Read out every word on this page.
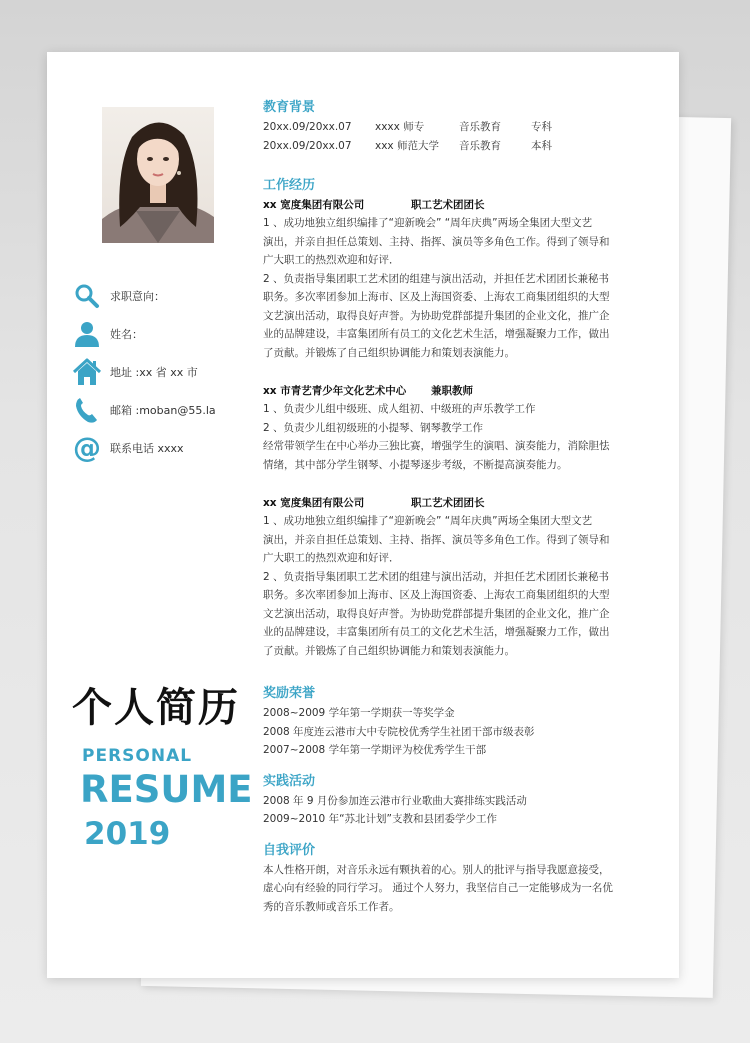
求职意向：
姓名：
地址 :xx 省 xx 市
邮箱 :moban@55.la
@ 联系电话 xxxx
个人简历
PERSONAL
RESUME
2019
教育背景
20xx.09/20xx.07	xxxx 师专	音乐教育	专科
20xx.09/20xx.07	xxx 师范大学	音乐教育	本科
工作经历
xx 宽度集团有限公司	职工艺术团团长
1 、成功地独立组织编排了“迎新晚会” “周年庆典”两场全集团大型文艺
演出，并亲自担任总策划、主持、指挥、演员等多角色工作。得到了领导和
广大职工的热烈欢迎和好评．
2 、负责指导集团职工艺术团的组建与演出活动，并担任艺术团团长兼秘书
职务。多次率团参加上海市、区及上海国资委、上海农工商集团组织的大型
文艺演出活动，取得良好声誉。为协助党群部提升集团的企业文化，推广企
业的品牌建设，丰富集团所有员工的文化艺术生活，增强凝聚力工作，做出
了贡献。并锻炼了自己组织协调能力和策划表演能力。
xx 市青艺青少年文化艺术中心	兼职教师
1 、负责少儿组中级班、成人组初、中级班的声乐教学工作
2 、负责少儿组初级班的小提琴、钢琴教学工作
经常带领学生在中心举办三独比赛，增强学生的演唱、演奏能力，消除胆怯
情绪，其中部分学生钢琴、小提琴逐步考级，不断提高演奏能力。
xx 宽度集团有限公司	职工艺术团团长
1 、成功地独立组织编排了“迎新晚会” “周年庆典”两场全集团大型文艺
演出，并亲自担任总策划、主持、指挥、演员等多角色工作。得到了领导和
广大职工的热烈欢迎和好评．
2 、负责指导集团职工艺术团的组建与演出活动，并担任艺术团团长兼秘书
职务。多次率团参加上海市、区及上海国资委、上海农工商集团组织的大型
文艺演出活动，取得良好声誉。为协助党群部提升集团的企业文化，推广企
业的品牌建设，丰富集团所有员工的文化艺术生活，增强凝聚力工作，做出
了贡献。并锻炼了自己组织协调能力和策划表演能力。
奖励荣誉
2008~2009 学年第一学期获一等奖学金
2008 年度连云港市大中专院校优秀学生社团干部市级表彰
2007~2008 学年第一学期评为校优秀学生干部
实践活动
2008 年 9 月份参加连云港市行业歌曲大赛排练实践活动
2009~2010 年“苏北计划”支教和县团委学少工作
自我评价
本人性格开朗，对音乐永远有颗执着的心。别人的批评与指导我愿意接受，
虚心向有经验的同行学习。 通过个人努力，我坚信自己一定能够成为一名优
秀的音乐教师或音乐工作者。
